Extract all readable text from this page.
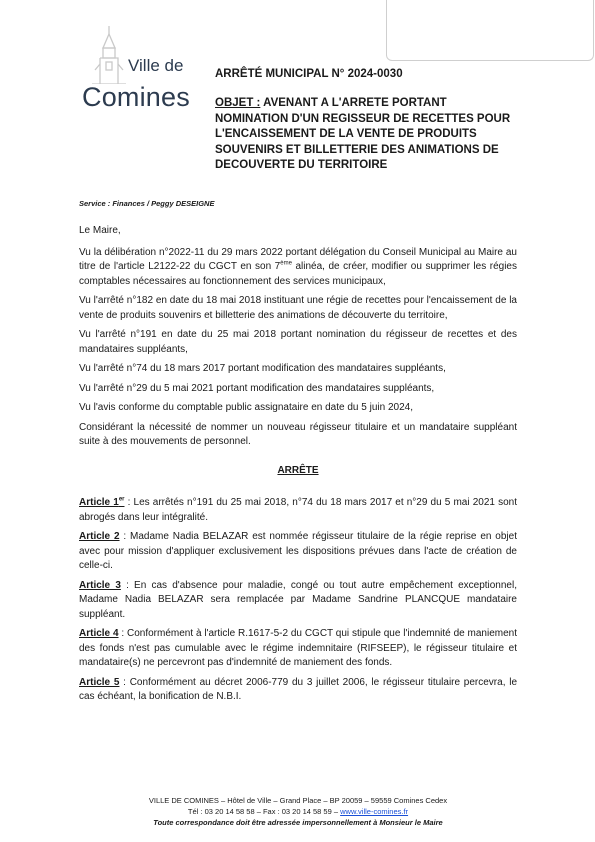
Ville de
Comines
ARRÊTÉ MUNICIPAL N° 2024-0030
OBJET : AVENANT A L'ARRETE PORTANT NOMINATION D'UN REGISSEUR DE RECETTES POUR L'ENCAISSEMENT DE LA VENTE DE PRODUITS SOUVENIRS ET BILLETTERIE DES ANIMATIONS DE DECOUVERTE DU TERRITOIRE
Service : Finances / Peggy DESEIGNE

Le Maire,

Vu la délibération n°2022-11 du 29 mars 2022 portant délégation du Conseil Municipal au Maire au titre de l'article L2122-22 du CGCT en son 7ème alinéa, de créer, modifier ou supprimer les régies comptables nécessaires au fonctionnement des services municipaux,

Vu l'arrêté n°182 en date du 18 mai 2018 instituant une régie de recettes pour l'encaissement de la vente de produits souvenirs et billetterie des animations de découverte du territoire,

Vu l'arrêté n°191 en date du 25 mai 2018 portant nomination du régisseur de recettes et des mandataires suppléants,

Vu l'arrêté n°74 du 18 mars 2017 portant modification des mandataires suppléants,

Vu l'arrêté n°29 du 5 mai 2021 portant modification des mandataires suppléants,

Vu l'avis conforme du comptable public assignataire en date du 5 juin 2024,

Considérant la nécessité de nommer un nouveau régisseur titulaire et un mandataire suppléant suite à des mouvements de personnel.

ARRÊTE

Article 1er : Les arrêtés n°191 du 25 mai 2018, n°74 du 18 mars 2017 et n°29 du 5 mai 2021 sont abrogés dans leur intégralité.

Article 2 : Madame Nadia BELAZAR est nommée régisseur titulaire de la régie reprise en objet avec pour mission d'appliquer exclusivement les dispositions prévues dans l'acte de création de celle-ci.

Article 3 : En cas d'absence pour maladie, congé ou tout autre empêchement exceptionnel, Madame Nadia BELAZAR sera remplacée par Madame Sandrine PLANCQUE mandataire suppléant.

Article 4 : Conformément à l'article R.1617-5-2 du CGCT qui stipule que l'indemnité de maniement des fonds n'est pas cumulable avec le régime indemnitaire (RIFSEEP), le régisseur titulaire et mandataire(s) ne percevront pas d'indemnité de maniement des fonds.

Article 5 : Conformément au décret 2006-779 du 3 juillet 2006, le régisseur titulaire percevra, le cas échéant, la bonification de N.B.I.

VILLE DE COMINES – Hôtel de Ville – Grand Place – BP 20059 – 59559 Comines Cedex
Tél : 03 20 14 58 58 – Fax : 03 20 14 58 59 – www.ville-comines.fr
Toute correspondance doit être adressée impersonnellement à Monsieur le Maire
